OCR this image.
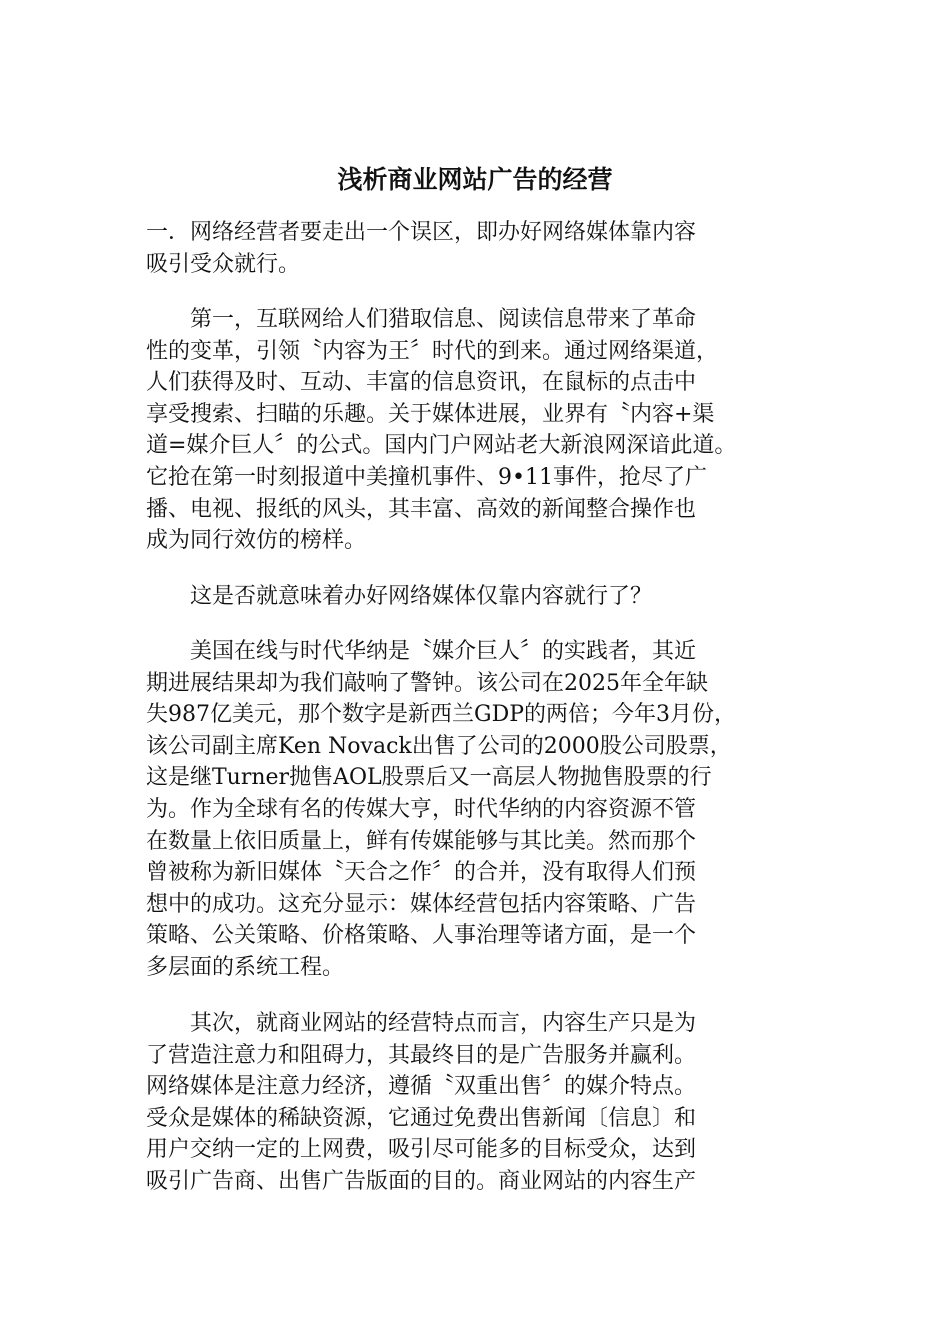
浅析商业网站广告的经营

一．网络经营者要走出一个误区，即办好网络媒体靠内容
吸引受众就行。

　　第一，互联网给人们猎取信息、阅读信息带来了革命
性的变革，引领〝内容为王〞时代的到来。通过网络渠道，
人们获得及时、互动、丰富的信息资讯，在鼠标的点击中
享受搜索、扫瞄的乐趣。关于媒体进展，业界有〝内容+渠
道=媒介巨人〞的公式。国内门户网站老大新浪网深谙此道。
它抢在第一时刻报道中美撞机事件、9•11事件，抢尽了广
播、电视、报纸的风头，其丰富、高效的新闻整合操作也
成为同行效仿的榜样。

　　这是否就意味着办好网络媒体仅靠内容就行了？

　　美国在线与时代华纳是〝媒介巨人〞的实践者，其近
期进展结果却为我们敲响了警钟。该公司在2025年全年缺
失987亿美元，那个数字是新西兰GDP的两倍；今年3月份，
该公司副主席Ken Novack出售了公司的2000股公司股票，
这是继Turner抛售AOL股票后又一高层人物抛售股票的行
为。作为全球有名的传媒大亨，时代华纳的内容资源不管
在数量上依旧质量上，鲜有传媒能够与其比美。然而那个
曾被称为新旧媒体〝天合之作〞的合并，没有取得人们预
想中的成功。这充分显示：媒体经营包括内容策略、广告
策略、公关策略、价格策略、人事治理等诸方面，是一个
多层面的系统工程。

　　其次，就商业网站的经营特点而言，内容生产只是为
了营造注意力和阻碍力，其最终目的是广告服务并赢利。
网络媒体是注意力经济，遵循〝双重出售〞的媒介特点。
受众是媒体的稀缺资源，它通过免费出售新闻〔信息〕和
用户交纳一定的上网费，吸引尽可能多的目标受众，达到
吸引广告商、出售广告版面的目的。商业网站的内容生产
